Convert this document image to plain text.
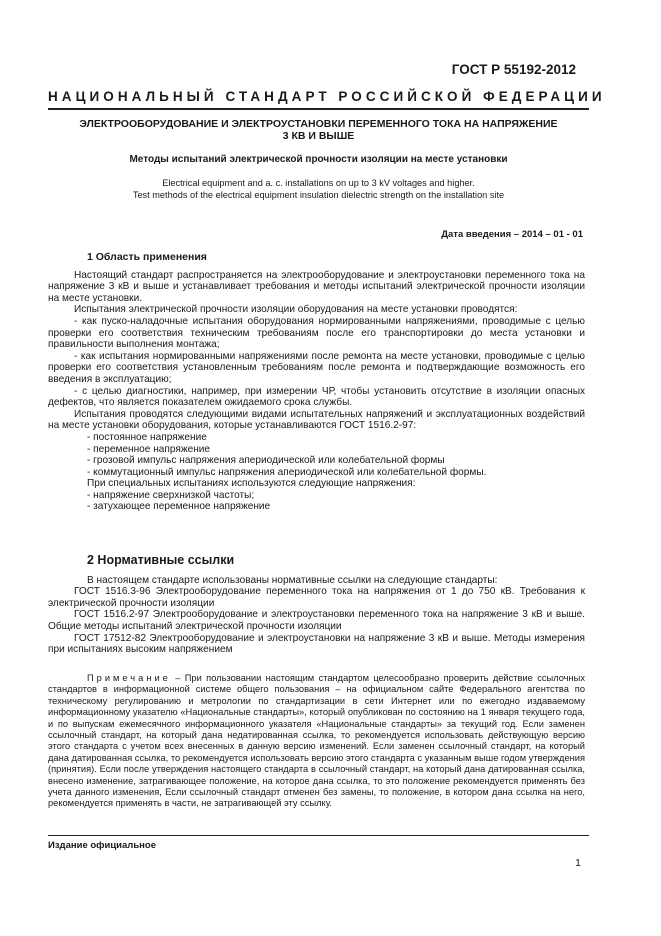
ГОСТ Р 55192-2012
НАЦИОНАЛЬНЫЙ СТАНДАРТ РОССИЙСКОЙ ФЕДЕРАЦИИ
ЭЛЕКТРООБОРУДОВАНИЕ И ЭЛЕКТРОУСТАНОВКИ ПЕРЕМЕННОГО ТОКА НА НАПРЯЖЕНИЕ
3 КВ И ВЫШЕ
Методы испытаний электрической прочности изоляции на месте установки
Electrical equipment and a. c. installations on up to 3 kV voltages and higher.
Test methods of the electrical equipment insulation dielectric strength on the installation site
Дата введения – 2014 – 01 - 01
1 Область применения

Настоящий стандарт распространяется на электрооборудование и электроустановки переменного тока на напряжение 3 кВ и выше и устанавливает требования и методы испытаний электрической прочности изоляции на месте установки.

Испытания электрической прочности изоляции оборудования на месте установки проводятся:

- как пуско-наладочные испытания оборудования нормированными напряжениями, проводимые с целью проверки его соответствия техническим требованиям после его транспортировки до места установки и правильности выполнения монтажа;

- как испытания нормированными напряжениями после ремонта на месте установки, проводимые с целью проверки его соответствия установленным требованиям после ремонта и подтверждающие возможность его введения в эксплуатацию;

- с целью диагностики, например, при измерении ЧР, чтобы установить отсутствие в изоляции опасных дефектов, что является показателем ожидаемого срока службы.

Испытания проводятся следующими видами испытательных напряжений и эксплуатационных воздействий на месте установки оборудования, которые устанавливаются ГОСТ 1516.2-97:

- постоянное напряжение
- переменное напряжение
- грозовой импульс напряжения апериодической или колебательной формы
- коммутационный импульс напряжения апериодической или колебательной формы.
При специальных испытаниях используются следующие напряжения:
- напряжение сверхнизкой частоты;
- затухающее переменное напряжение
2 Нормативные ссылки

В настоящем стандарте использованы нормативные ссылки на следующие стандарты:

ГОСТ 1516.3-96 Электрооборудование переменного тока на напряжения от 1 до 750 кВ. Требования к электрической прочности изоляции

ГОСТ 1516.2-97 Электрооборудование и электроустановки переменного тока на напряжение 3 кВ и выше. Общие методы испытаний электрической прочности изоляции

ГОСТ 17512-82 Электрооборудование и электроустановки на напряжение 3 кВ и выше. Методы измерения при испытаниях высоким напряжением

Примечание – При пользовании настоящим стандартом целесообразно проверить действие ссылочных стандартов в информационной системе общего пользования – на официальном сайте Федерального агентства по техническому регулированию и метрологии по стандартизации в сети Интернет или по ежегодно издаваемому информационному указателю «Национальные стандарты», который опубликован по состоянию на 1 января текущего года, и по выпускам ежемесячного информационного указателя «Национальные стандарты» за текущий год. Если заменен ссылочный стандарт, на который дана недатированная ссылка, то рекомендуется использовать действующую версию этого стандарта с учетом всех внесенных в данную версию изменений. Если заменен ссылочный стандарт, на который дана датированная ссылка, то рекомендуется использовать версию этого стандарта с указанным выше годом утверждения (принятия). Если после утверждения настоящего стандарта в ссылочный стандарт, на который дана датированная ссылка, внесено изменение, затрагивающее положение, на которое дана ссылка, то это положение рекомендуется применять без учета данного изменения, Если ссылочный стандарт отменен без замены, то положение, в котором дана ссылка на него, рекомендуется применять в части, не затрагивающей эту ссылку.
Издание официальное
1
